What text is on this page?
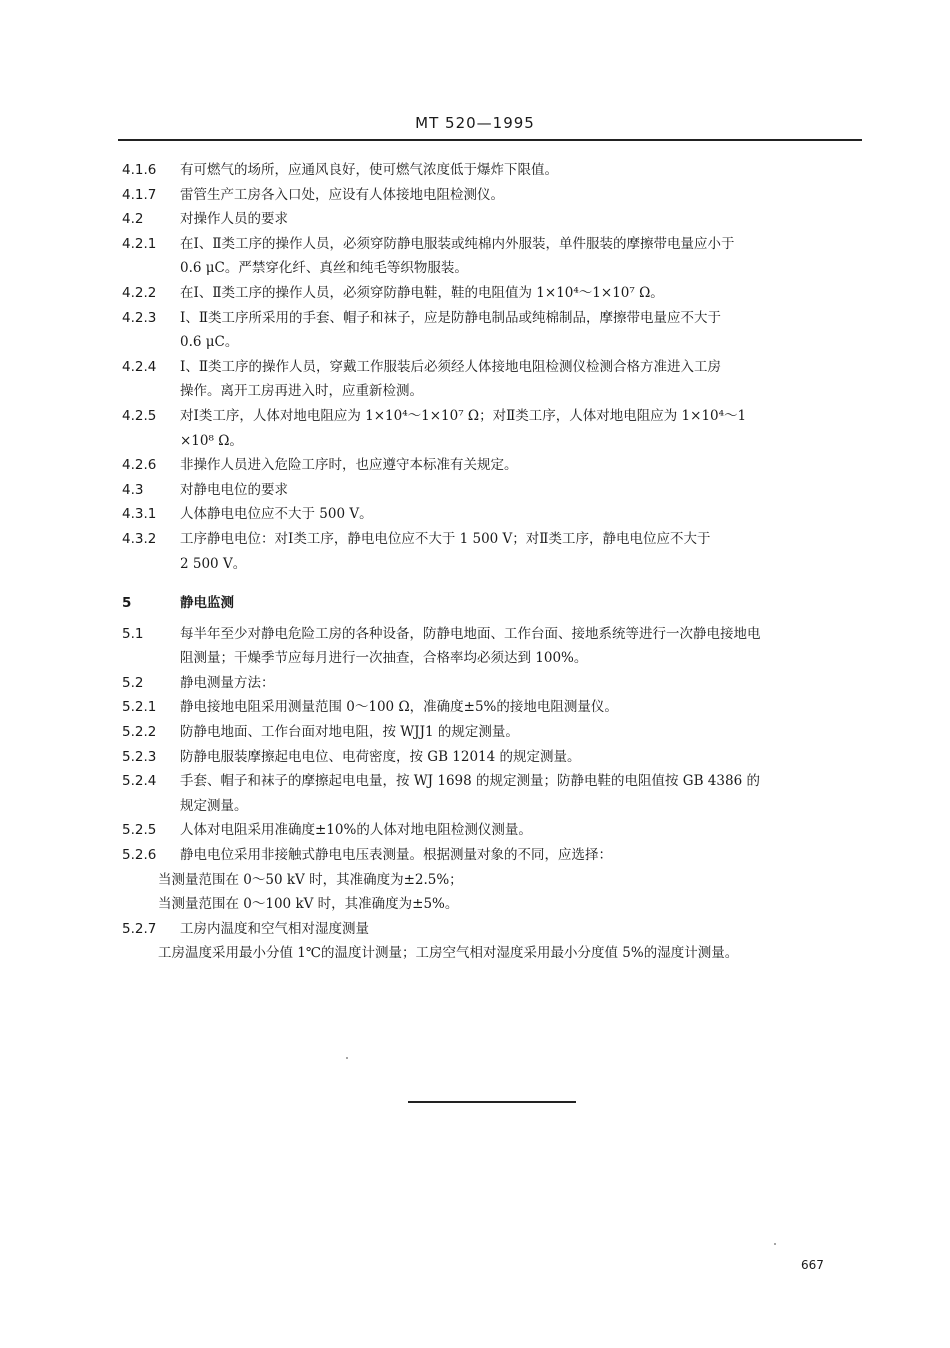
MT 520—1995
4.1.6 有可燃气的场所，应通风良好，使可燃气浓度低于爆炸下限值。
4.1.7 雷管生产工房各入口处，应设有人体接地电阻检测仪。
4.2	对操作人员的要求
4.2.1 在Ⅰ、Ⅱ类工序的操作人员，必须穿防静电服装或纯棉内外服装，单件服装的摩擦带电量应小于
0.6 μC。严禁穿化纤、真丝和纯毛等织物服装。
4.2.2 在Ⅰ、Ⅱ类工序的操作人员，必须穿防静电鞋，鞋的电阻值为 1×10⁴～1×10⁷ Ω。
4.2.3 Ⅰ、Ⅱ类工序所采用的手套、帽子和袜子，应是防静电制品或纯棉制品，摩擦带电量应不大于
0.6 μC。
4.2.4 Ⅰ、Ⅱ类工序的操作人员，穿戴工作服装后必须经人体接地电阻检测仪检测合格方准进入工房
操作。离开工房再进入时，应重新检测。
4.2.5 对Ⅰ类工序，人体对地电阻应为 1×10⁴～1×10⁷ Ω；对Ⅱ类工序，人体对地电阻应为 1×10⁴～1
×10⁸ Ω。
4.2.6 非操作人员进入危险工序时，也应遵守本标准有关规定。
4.3	对静电电位的要求
4.3.1 人体静电电位应不大于 500 V。
4.3.2 工序静电电位：对Ⅰ类工序，静电电位应不大于 1 500 V；对Ⅱ类工序，静电电位应不大于
2 500 V。
5	静电监测
5.1	每半年至少对静电危险工房的各种设备，防静电地面、工作台面、接地系统等进行一次静电接地电
阻测量；干燥季节应每月进行一次抽查，合格率均必须达到 100%。
5.2	静电测量方法：
5.2.1 静电接地电阻采用测量范围 0～100 Ω，准确度±5%的接地电阻测量仪。
5.2.2 防静电地面、工作台面对地电阻，按 WJJ1 的规定测量。
5.2.3 防静电服装摩擦起电电位、电荷密度，按 GB 12014 的规定测量。
5.2.4 手套、帽子和袜子的摩擦起电电量，按 WJ 1698 的规定测量；防静电鞋的电阻值按 GB 4386 的
规定测量。
5.2.5 人体对电阻采用准确度±10%的人体对地电阻检测仪测量。
5.2.6 静电电位采用非接触式静电电压表测量。根据测量对象的不同，应选择：
当测量范围在 0～50 kV 时，其准确度为±2.5%；
当测量范围在 0～100 kV 时，其准确度为±5%。
5.2.7 工房内温度和空气相对湿度测量
工房温度采用最小分值 1℃的温度计测量；工房空气相对湿度采用最小分度值 5%的湿度计测量。
667
